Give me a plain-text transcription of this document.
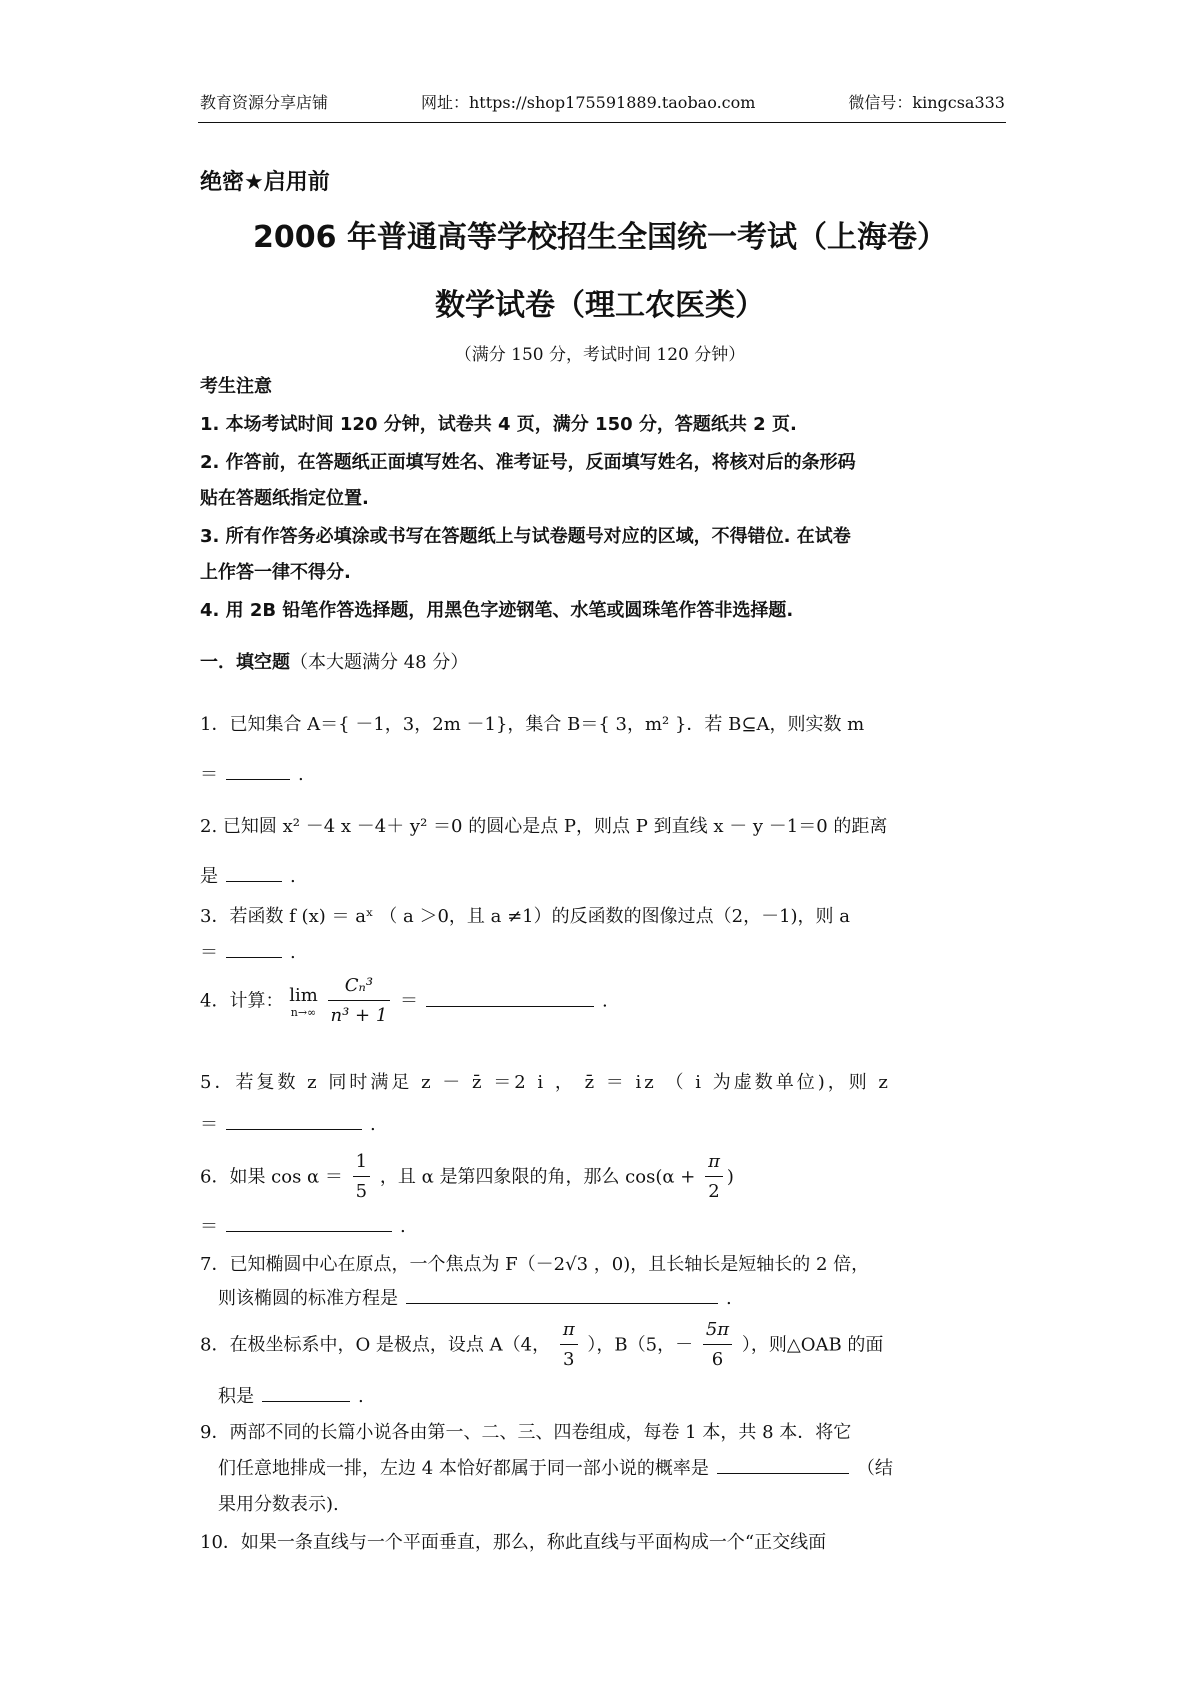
教育资源分享店铺	网址：https://shop175591889.taobao.com	微信号：kingcsa333
绝密★启用前
2006 年普通高等学校招生全国统一考试（上海卷）
数学试卷（理工农医类）
（满分 150 分，考试时间 120 分钟）
考生注意
1. 本场考试时间 120 分钟，试卷共 4 页，满分 150 分，答题纸共 2 页.
2. 作答前，在答题纸正面填写姓名、准考证号，反面填写姓名，将核对后的条形码
贴在答题纸指定位置.
3. 所有作答务必填涂或书写在答题纸上与试卷题号对应的区域，不得错位. 在试卷
上作答一律不得分.
4. 用 2B 铅笔作答选择题，用黑色字迹钢笔、水笔或圆珠笔作答非选择题.
一．填空题（本大题满分 48 分）
1．已知集合 A＝{ －1，3，2m －1}，集合 B＝{ 3，m² }．若 B⊆A，则实数 m
＝	.
2. 已知圆 x² －4 x －4＋ y² ＝0 的圆心是点 P，则点 P 到直线 x － y －1＝0 的距离
是	.
3．若函数 f (x) ＝ aˣ （ a ＞0，且 a ≠1）的反函数的图像过点（2，－1)，则 a
＝	.
4．计算： lim
n→∞
$\frac{\text{Cₙ³}}{\text{n³ + 1}}$ ＝	.
5．若复数 z 同时满足 z － z̄ ＝2 i ， z̄ ＝ iz （ i 为虚数单位)，则 z
＝	.
6．如果 $\cos \alpha = \frac{1}{5}$ ，且 α 是第四象限的角，那么 $\cos(\alpha + \frac{\pi}{2}$ )
＝	.
7．已知椭圆中心在原点，一个焦点为 F（－2√3 ，0)，且长轴长是短轴长的 2 倍，
则该椭圆的标准方程是	.
8．在极坐标系中，O 是极点，设点 A（4， $\frac{\pi}{3}$ ），B（5，－ $\frac{5\pi}{6}$ ），则△OAB 的面
积是	.
9．两部不同的长篇小说各由第一、二、三、四卷组成，每卷 1 本，共 8 本．将它
们任意地排成一排，左边 4 本恰好都属于同一部小说的概率是	（结
果用分数表示).
10．如果一条直线与一个平面垂直，那么，称此直线与平面构成一个“正交线面
